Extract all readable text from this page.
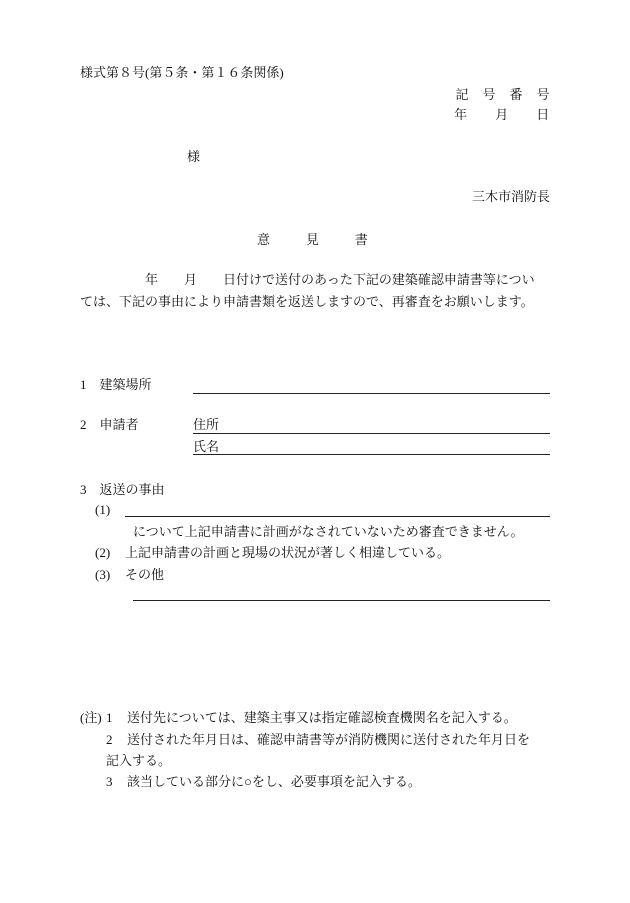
様式第８号(第５条・第１６条関係)
記　号　番　号
年　　月　　日
様
三木市消防長
意　　見　　書
年　　月　　日付けで送付のあった下記の建築確認申請書等につい
ては、下記の事由により申請書類を返送しますので、再審査をお願いします。
1　建築場所
2　申請者	住所
氏名
3　返送の事由
(1)
について上記申請書に計画がなされていないため審査できません。
(2) 上記申請書の計画と現場の状況が著しく相違している。
(3) その他
(注) 1 送付先については、建築主事又は指定確認検査機関名を記入する。
2 送付された年月日は、確認申請書等が消防機関に送付された年月日を
記入する。
3 該当している部分に○をし、必要事項を記入する。
